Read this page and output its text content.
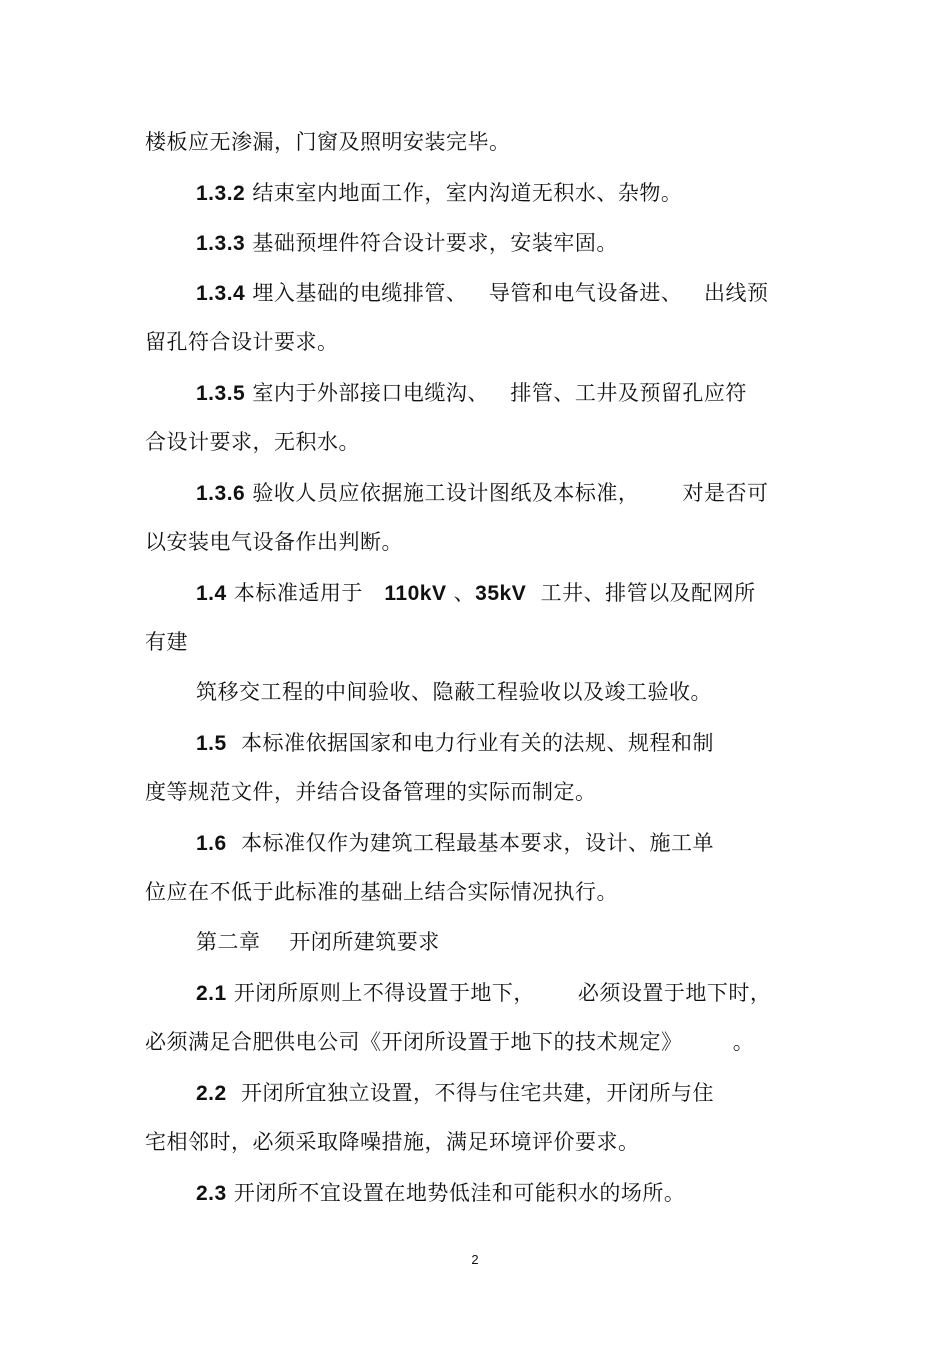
楼板应无渗漏，门窗及照明安装完毕。
1.3.2 结束室内地面工作，室内沟道无积水、杂物。
1.3.3 基础预埋件符合设计要求，安装牢固。
1.3.4 埋入基础的电缆排管、   导管和电气设备进、   出线预
留孔符合设计要求。
1.3.5 室内于外部接口电缆沟、   排管、工井及预留孔应符
合设计要求，无积水。
1.3.6 验收人员应依据施工设计图纸及本标准，      对是否可
以安装电气设备作出判断。
1.4 本标准适用于   110kV 、35kV  工井、排管以及配网所
有建
筑移交工程的中间验收、隐蔽工程验收以及竣工验收。
1.5  本标准依据国家和电力行业有关的法规、规程和制
度等规范文件，并结合设备管理的实际而制定。
1.6  本标准仅作为建筑工程最基本要求，设计、施工单
位应在不低于此标准的基础上结合实际情况执行。
第二章    开闭所建筑要求
2.1 开闭所原则上不得设置于地下，      必须设置于地下时，
必须满足合肥供电公司《开闭所设置于地下的技术规定》       。
2.2  开闭所宜独立设置，不得与住宅共建，开闭所与住
宅相邻时，必须采取降噪措施，满足环境评价要求。
2.3 开闭所不宜设置在地势低洼和可能积水的场所。
2
